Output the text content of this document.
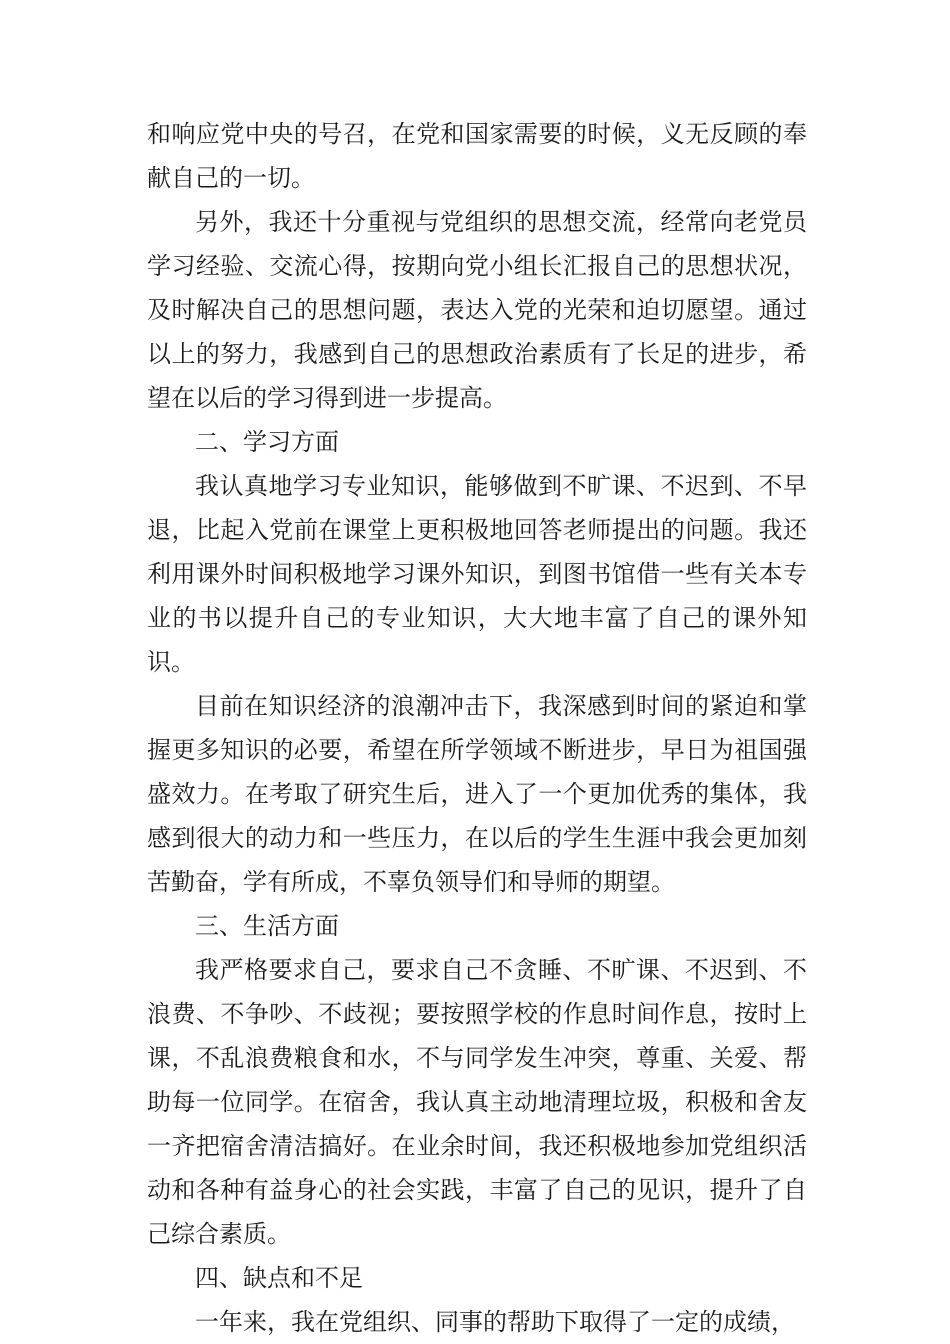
和响应党中央的号召，在党和国家需要的时候，义无反顾的奉献自己的一切。

另外，我还十分重视与党组织的思想交流，经常向老党员学习经验、交流心得，按期向党小组长汇报自己的思想状况，及时解决自己的思想问题，表达入党的光荣和迫切愿望。通过以上的努力，我感到自己的思想政治素质有了长足的进步，希望在以后的学习得到进一步提高。

二、学习方面

我认真地学习专业知识，能够做到不旷课、不迟到、不早退，比起入党前在课堂上更积极地回答老师提出的问题。我还利用课外时间积极地学习课外知识，到图书馆借一些有关本专业的书以提升自己的专业知识，大大地丰富了自己的课外知识。

目前在知识经济的浪潮冲击下，我深感到时间的紧迫和掌握更多知识的必要，希望在所学领域不断进步，早日为祖国强盛效力。在考取了研究生后，进入了一个更加优秀的集体，我感到很大的动力和一些压力，在以后的学生生涯中我会更加刻苦勤奋，学有所成，不辜负领导们和导师的期望。

三、生活方面

我严格要求自己，要求自己不贪睡、不旷课、不迟到、不浪费、不争吵、不歧视；要按照学校的作息时间作息，按时上课，不乱浪费粮食和水，不与同学发生冲突，尊重、关爱、帮助每一位同学。在宿舍，我认真主动地清理垃圾，积极和舍友一齐把宿舍清洁搞好。在业余时间，我还积极地参加党组织活动和各种有益身心的社会实践，丰富了自己的见识，提升了自己综合素质。

四、缺点和不足

一年来，我在党组织、同事的帮助下取得了一定的成绩，
